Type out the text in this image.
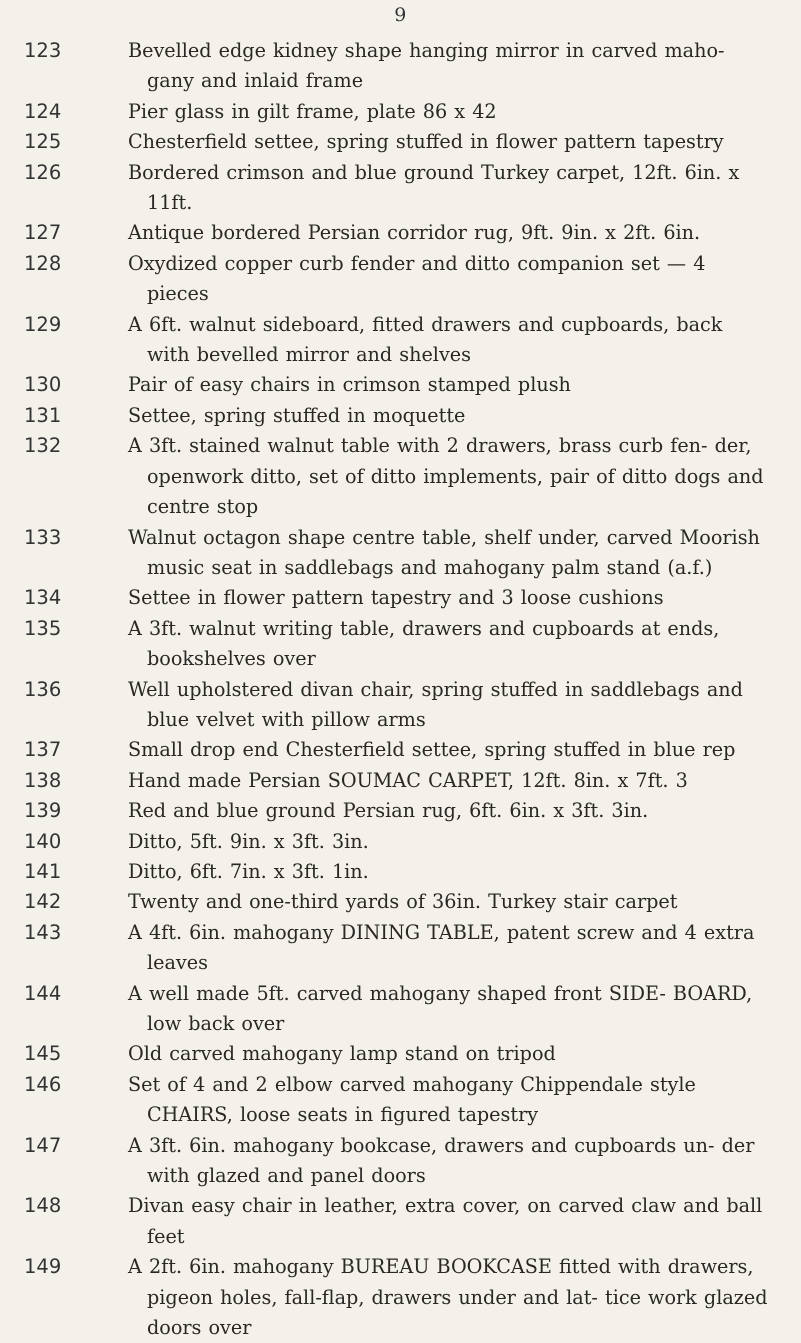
9
123	Bevelled edge kidney shape hanging mirror in carved maho- gany and inlaid frame
124	Pier glass in gilt frame, plate 86 x 42
125	Chesterfield settee, spring stuffed in flower pattern tapestry
126	Bordered crimson and blue ground Turkey carpet, 12ft. 6in. x 11ft.
127	Antique bordered Persian corridor rug, 9ft. 9in. x 2ft. 6in.
128	Oxydized copper curb fender and ditto companion set — 4 pieces
129	A 6ft. walnut sideboard, fitted drawers and cupboards, back with bevelled mirror and shelves
130	Pair of easy chairs in crimson stamped plush
131	Settee, spring stuffed in moquette
132	A 3ft. stained walnut table with 2 drawers, brass curb fen- der, openwork ditto, set of ditto implements, pair of ditto dogs and centre stop
133	Walnut octagon shape centre table, shelf under, carved Moorish music seat in saddlebags and mahogany palm stand (a.f.)
134	Settee in flower pattern tapestry and 3 loose cushions
135	A 3ft. walnut writing table, drawers and cupboards at ends, bookshelves over
136	Well upholstered divan chair, spring stuffed in saddlebags and blue velvet with pillow arms
137	Small drop end Chesterfield settee, spring stuffed in blue rep
138	Hand made Persian SOUMAC CARPET, 12ft. 8in. x 7ft. 3
139	Red and blue ground Persian rug, 6ft. 6in. x 3ft. 3in.
140	Ditto, 5ft. 9in. x 3ft. 3in.
141	Ditto, 6ft. 7in. x 3ft. 1in.
142	Twenty and one-third yards of 36in. Turkey stair carpet
143	A 4ft. 6in. mahogany DINING TABLE, patent screw and 4 extra leaves
144	A well made 5ft. carved mahogany shaped front SIDE- BOARD, low back over
145	Old carved mahogany lamp stand on tripod
146	Set of 4 and 2 elbow carved mahogany Chippendale style CHAIRS, loose seats in figured tapestry
147	A 3ft. 6in. mahogany bookcase, drawers and cupboards un- der with glazed and panel doors
148	Divan easy chair in leather, extra cover, on carved claw and ball feet
149	A 2ft. 6in. mahogany BUREAU BOOKCASE fitted with drawers, pigeon holes, fall-flap, drawers under and lat- tice work glazed doors over
